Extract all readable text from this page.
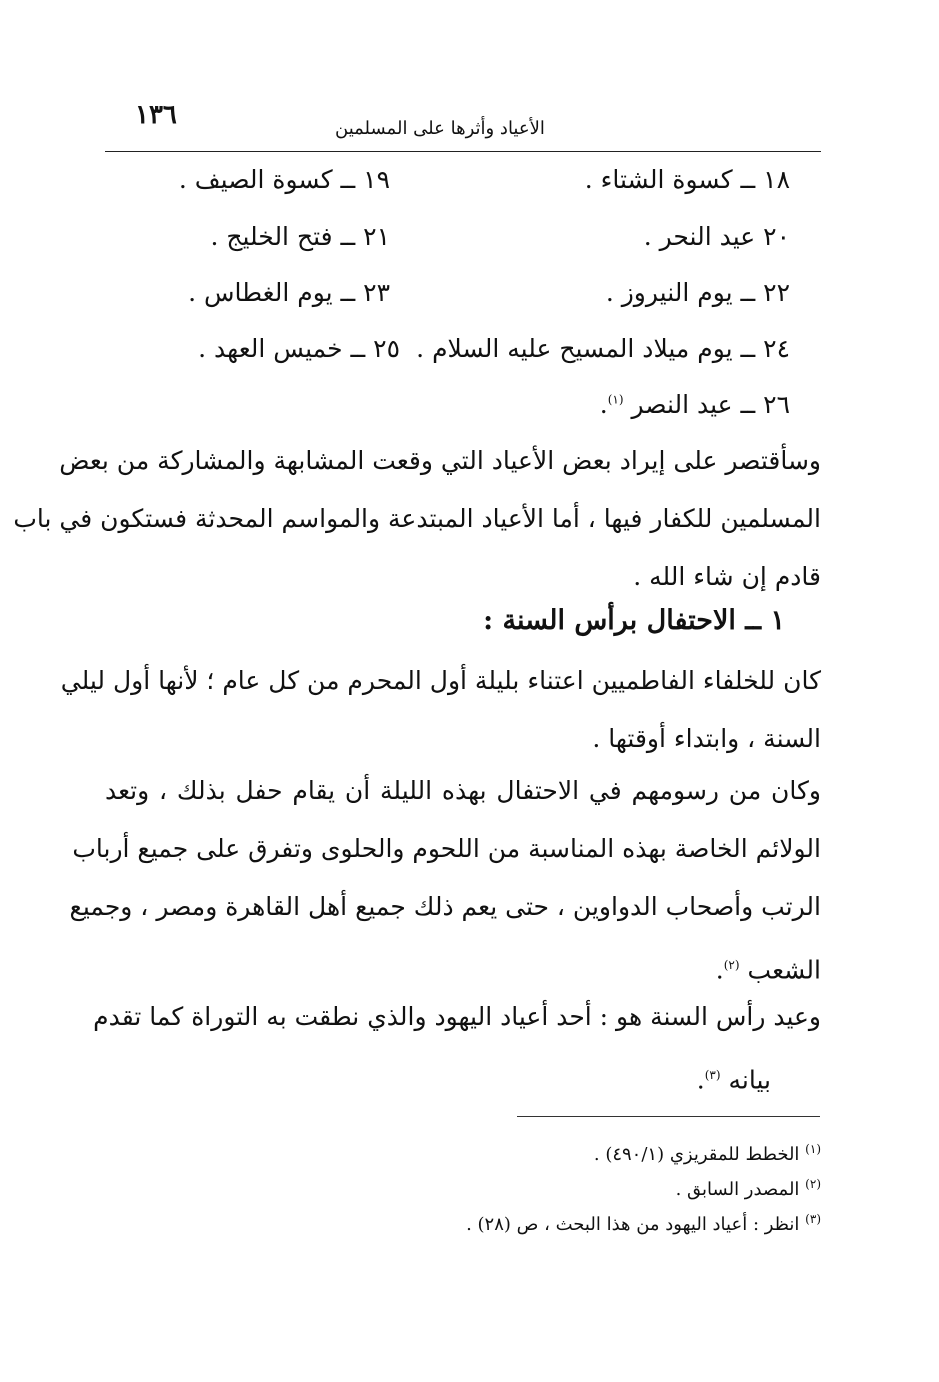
١٣٦	الأعياد وأثرها على المسلمين
١٨ ــ كسوة الشتاء .
١٩ ــ كسوة الصيف .
٢٠ عيد النحر .
٢١ ــ فتح الخليج .
٢٢ ــ يوم النيروز .
٢٣ ــ يوم الغطاس .
٢٤ ــ يوم ميلاد المسيح عليه السلام .
٢٥ ــ خميس العهد .
٢٦ ــ عيد النصر $^{(١)}$.
وسأقتصر على إيراد بعض الأعياد التي وقعت المشابهة والمشاركة من بعض
المسلمين للكفار فيها ، أما الأعياد المبتدعة والمواسم المحدثة فستكون في باب
قادم إن شاء الله .
١ ــ الاحتفال برأس السنة :
كان للخلفاء الفاطميين اعتناء بليلة أول المحرم من كل عام ؛ لأنها أول ليلي
السنة ، وابتداء أوقتها .
وكان من رسومهم في الاحتفال بهذه الليلة أن يقام حفل بذلك ، وتعد
الولائم الخاصة بهذه المناسبة من اللحوم والحلوى وتفرق على جميع أرباب
الرتب وأصحاب الدواوين ، حتى يعم ذلك جميع أهل القاهرة ومصر ، وجميع
الشعب $^{(٢)}$.
وعيد رأس السنة هو : أحد أعياد اليهود والذي نطقت به التوراة كما تقدم
بيانه $^{(٣)}$.
$^{(١)}$ الخطط للمقريزي (٤٩٠/١) .
$^{(٢)}$ المصدر السابق .
$^{(٣)}$ انظر : أعياد اليهود من هذا البحث ، ص (٢٨) .
